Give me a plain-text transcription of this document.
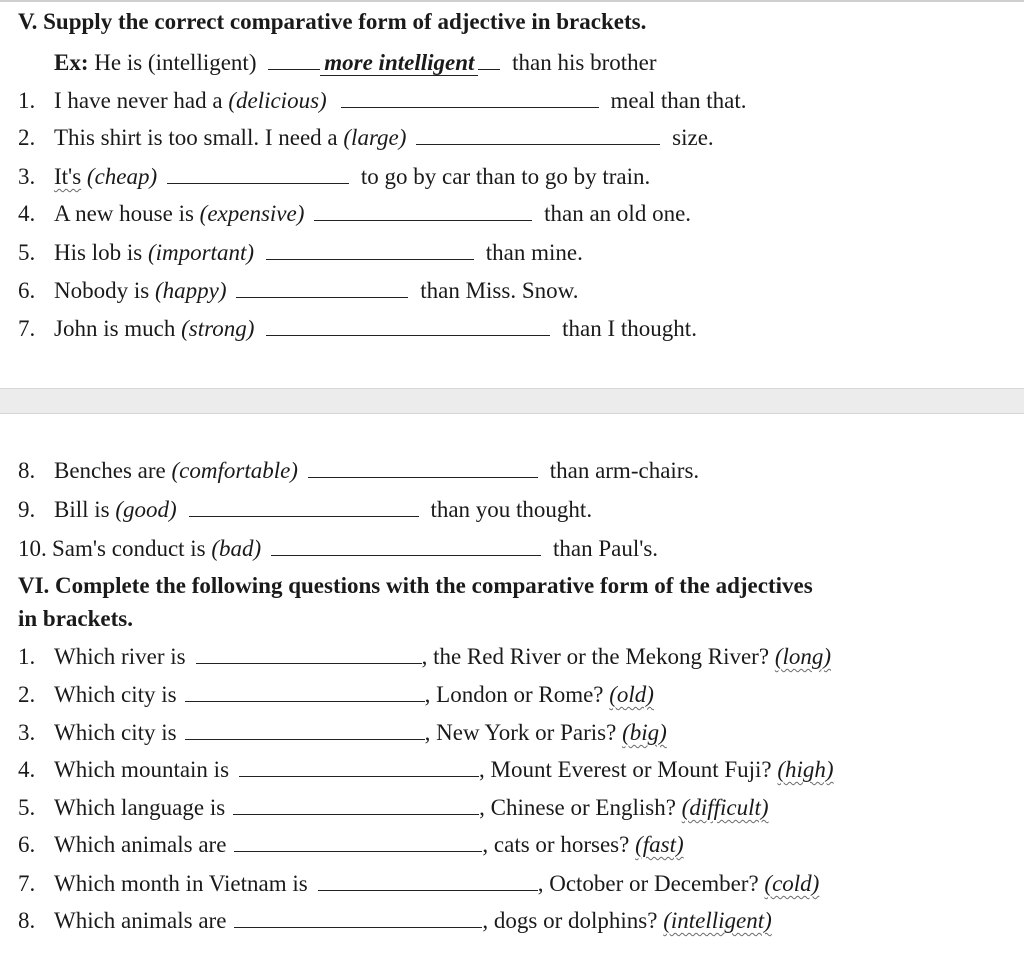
V. Supply the correct comparative form of adjective in brackets.
Ex: He is (intelligent)	more intelligent than his brother
1. I have never had a (delicious)	meal than that.
2. This shirt is too small. I need a (large)	size.
3. It's (cheap)	to go by car than to go by train.
4. A new house is (expensive)	than an old one.
5. His lob is (important)	than mine.
6. Nobody is (happy)	than Miss. Snow.
7. John is much (strong)	than I thought.
8. Benches are (comfortable)	than arm-chairs.
9. Bill is (good)	than you thought.
10. Sam's conduct is (bad)	than Paul's.
VI. Complete the following questions with the comparative form of the adjectives
in brackets.
1. Which river is	, the Red River or the Mekong River? (long)
2. Which city is	, London or Rome? (old)
3. Which city is	, New York or Paris? (big)
4. Which mountain is	, Mount Everest or Mount Fuji? (high)
5. Which language is	, Chinese or English? (difficult)
6. Which animals are	, cats or horses? (fast)
7. Which month in Vietnam is	, October or December? (cold)
8. Which animals are	, dogs or dolphins? (intelligent)
